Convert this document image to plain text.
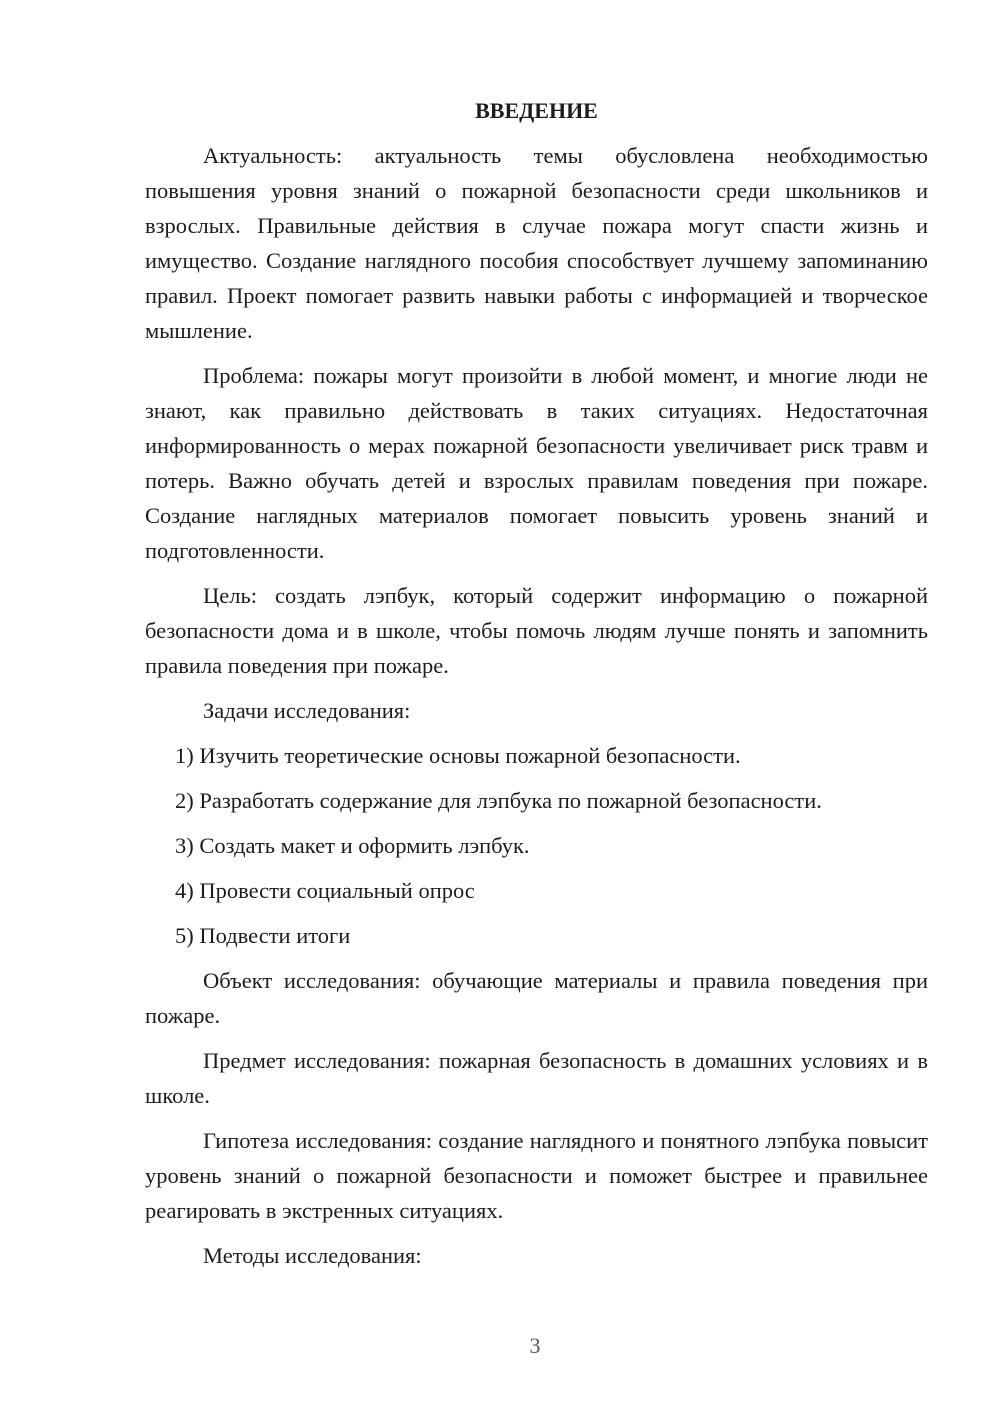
ВВЕДЕНИЕ

Актуальность: актуальность темы обусловлена необходимостью повышения уровня знаний о пожарной безопасности среди школьников и взрослых. Правильные действия в случае пожара могут спасти жизнь и имущество. Создание наглядного пособия способствует лучшему запоминанию правил. Проект помогает развить навыки работы с информацией и творческое мышление.

Проблема: пожары могут произойти в любой момент, и многие люди не знают, как правильно действовать в таких ситуациях. Недостаточная информированность о мерах пожарной безопасности увеличивает риск травм и потерь. Важно обучать детей и взрослых правилам поведения при пожаре. Создание наглядных материалов помогает повысить уровень знаний и подготовленности.

Цель: создать лэпбук, который содержит информацию о пожарной безопасности дома и в школе, чтобы помочь людям лучше понять и запомнить правила поведения при пожаре.

Задачи исследования:

1) Изучить теоретические основы пожарной безопасности.

2) Разработать содержание для лэпбука по пожарной безопасности.

3) Создать макет и оформить лэпбук.

4) Провести социальный опрос

5) Подвести итоги

Объект исследования: обучающие материалы и правила поведения при пожаре.

Предмет исследования: пожарная безопасность в домашних условиях и в школе.

Гипотеза исследования: создание наглядного и понятного лэпбука повысит уровень знаний о пожарной безопасности и поможет быстрее и правильнее реагировать в экстренных ситуациях.

Методы исследования:

3
